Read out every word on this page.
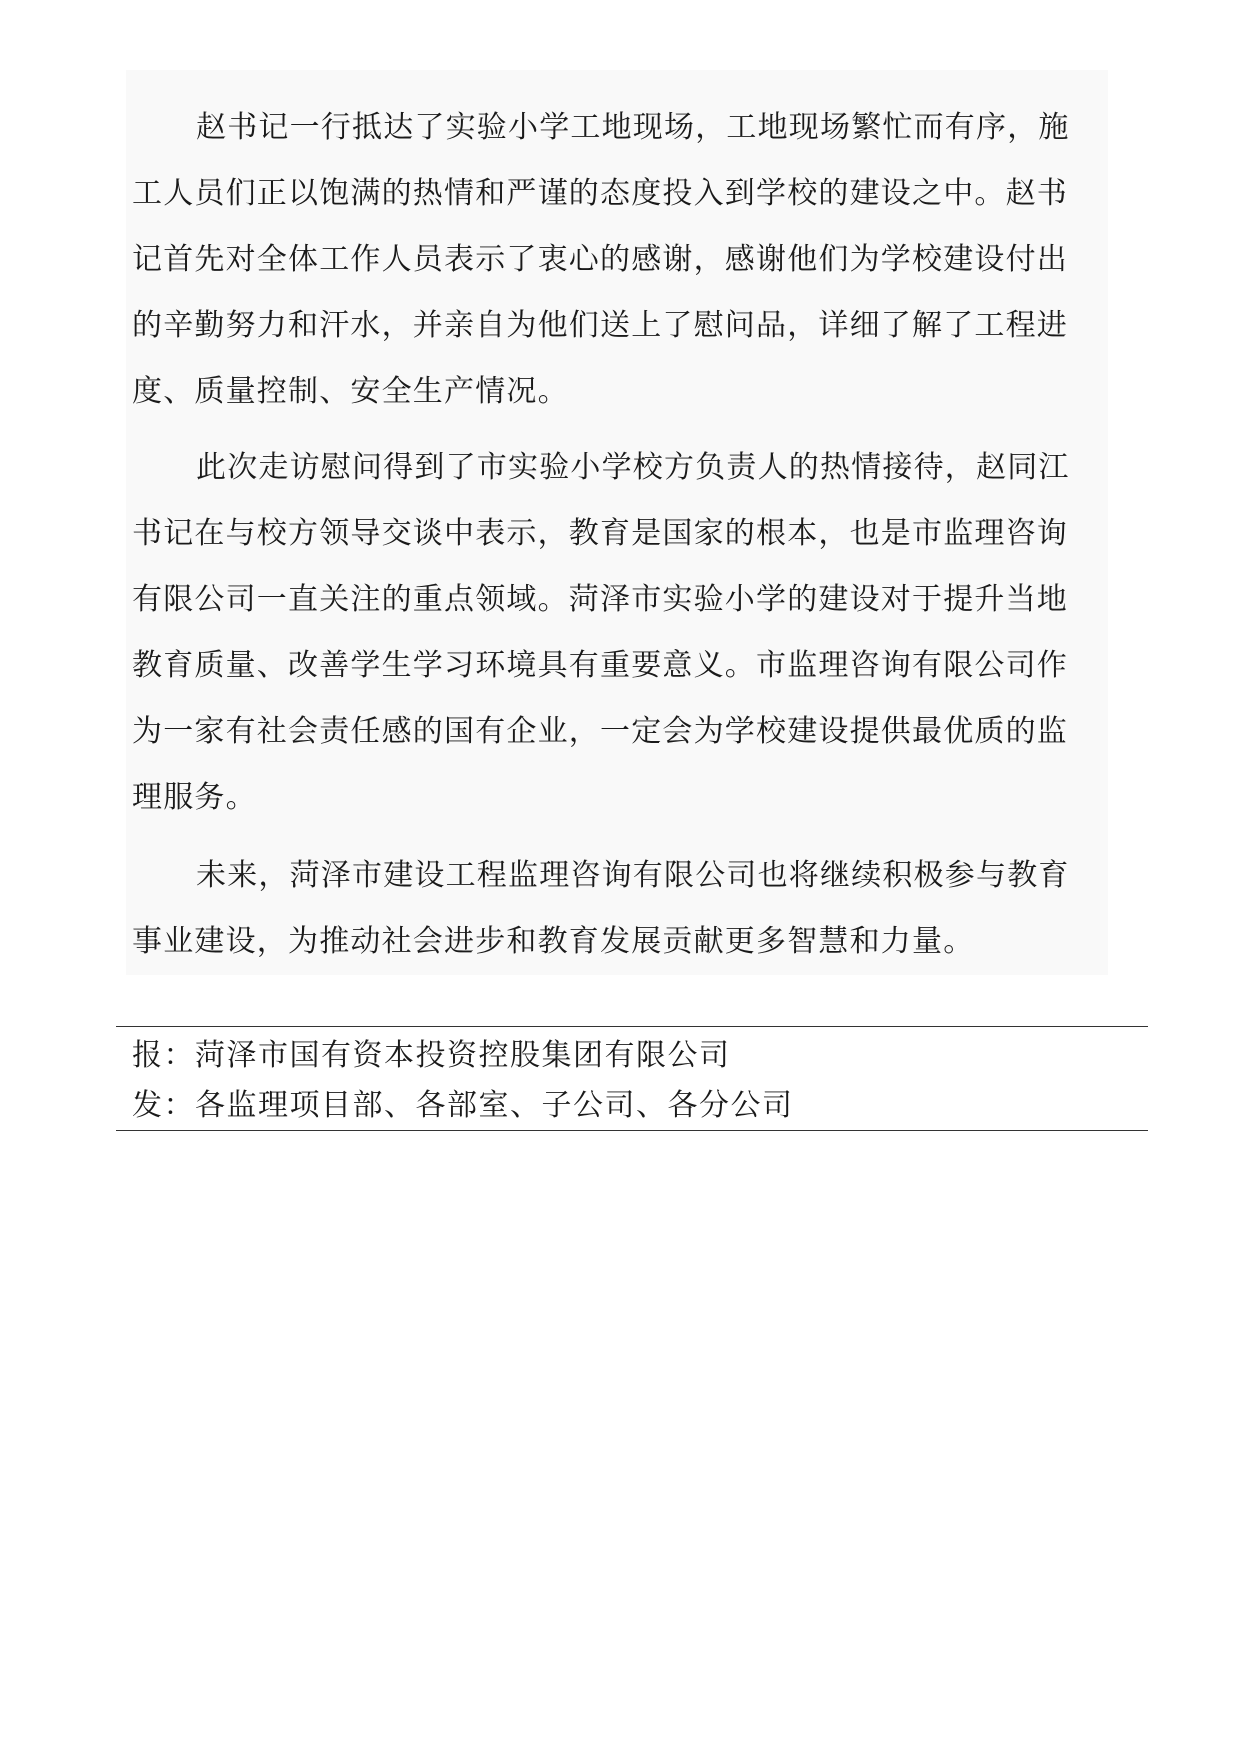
赵书记一行抵达了实验小学工地现场，工地现场繁忙而有序，施工人员们正以饱满的热情和严谨的态度投入到学校的建设之中。赵书记首先对全体工作人员表示了衷心的感谢，感谢他们为学校建设付出的辛勤努力和汗水，并亲自为他们送上了慰问品，详细了解了工程进度、质量控制、安全生产情况。

此次走访慰问得到了市实验小学校方负责人的热情接待，赵同江书记在与校方领导交谈中表示，教育是国家的根本，也是市监理咨询有限公司一直关注的重点领域。菏泽市实验小学的建设对于提升当地教育质量、改善学生学习环境具有重要意义。市监理咨询有限公司作为一家有社会责任感的国有企业，一定会为学校建设提供最优质的监理服务。

未来，菏泽市建设工程监理咨询有限公司也将继续积极参与教育事业建设，为推动社会进步和教育发展贡献更多智慧和力量。

报：菏泽市国有资本投资控股集团有限公司
发：各监理项目部、各部室、子公司、各分公司
